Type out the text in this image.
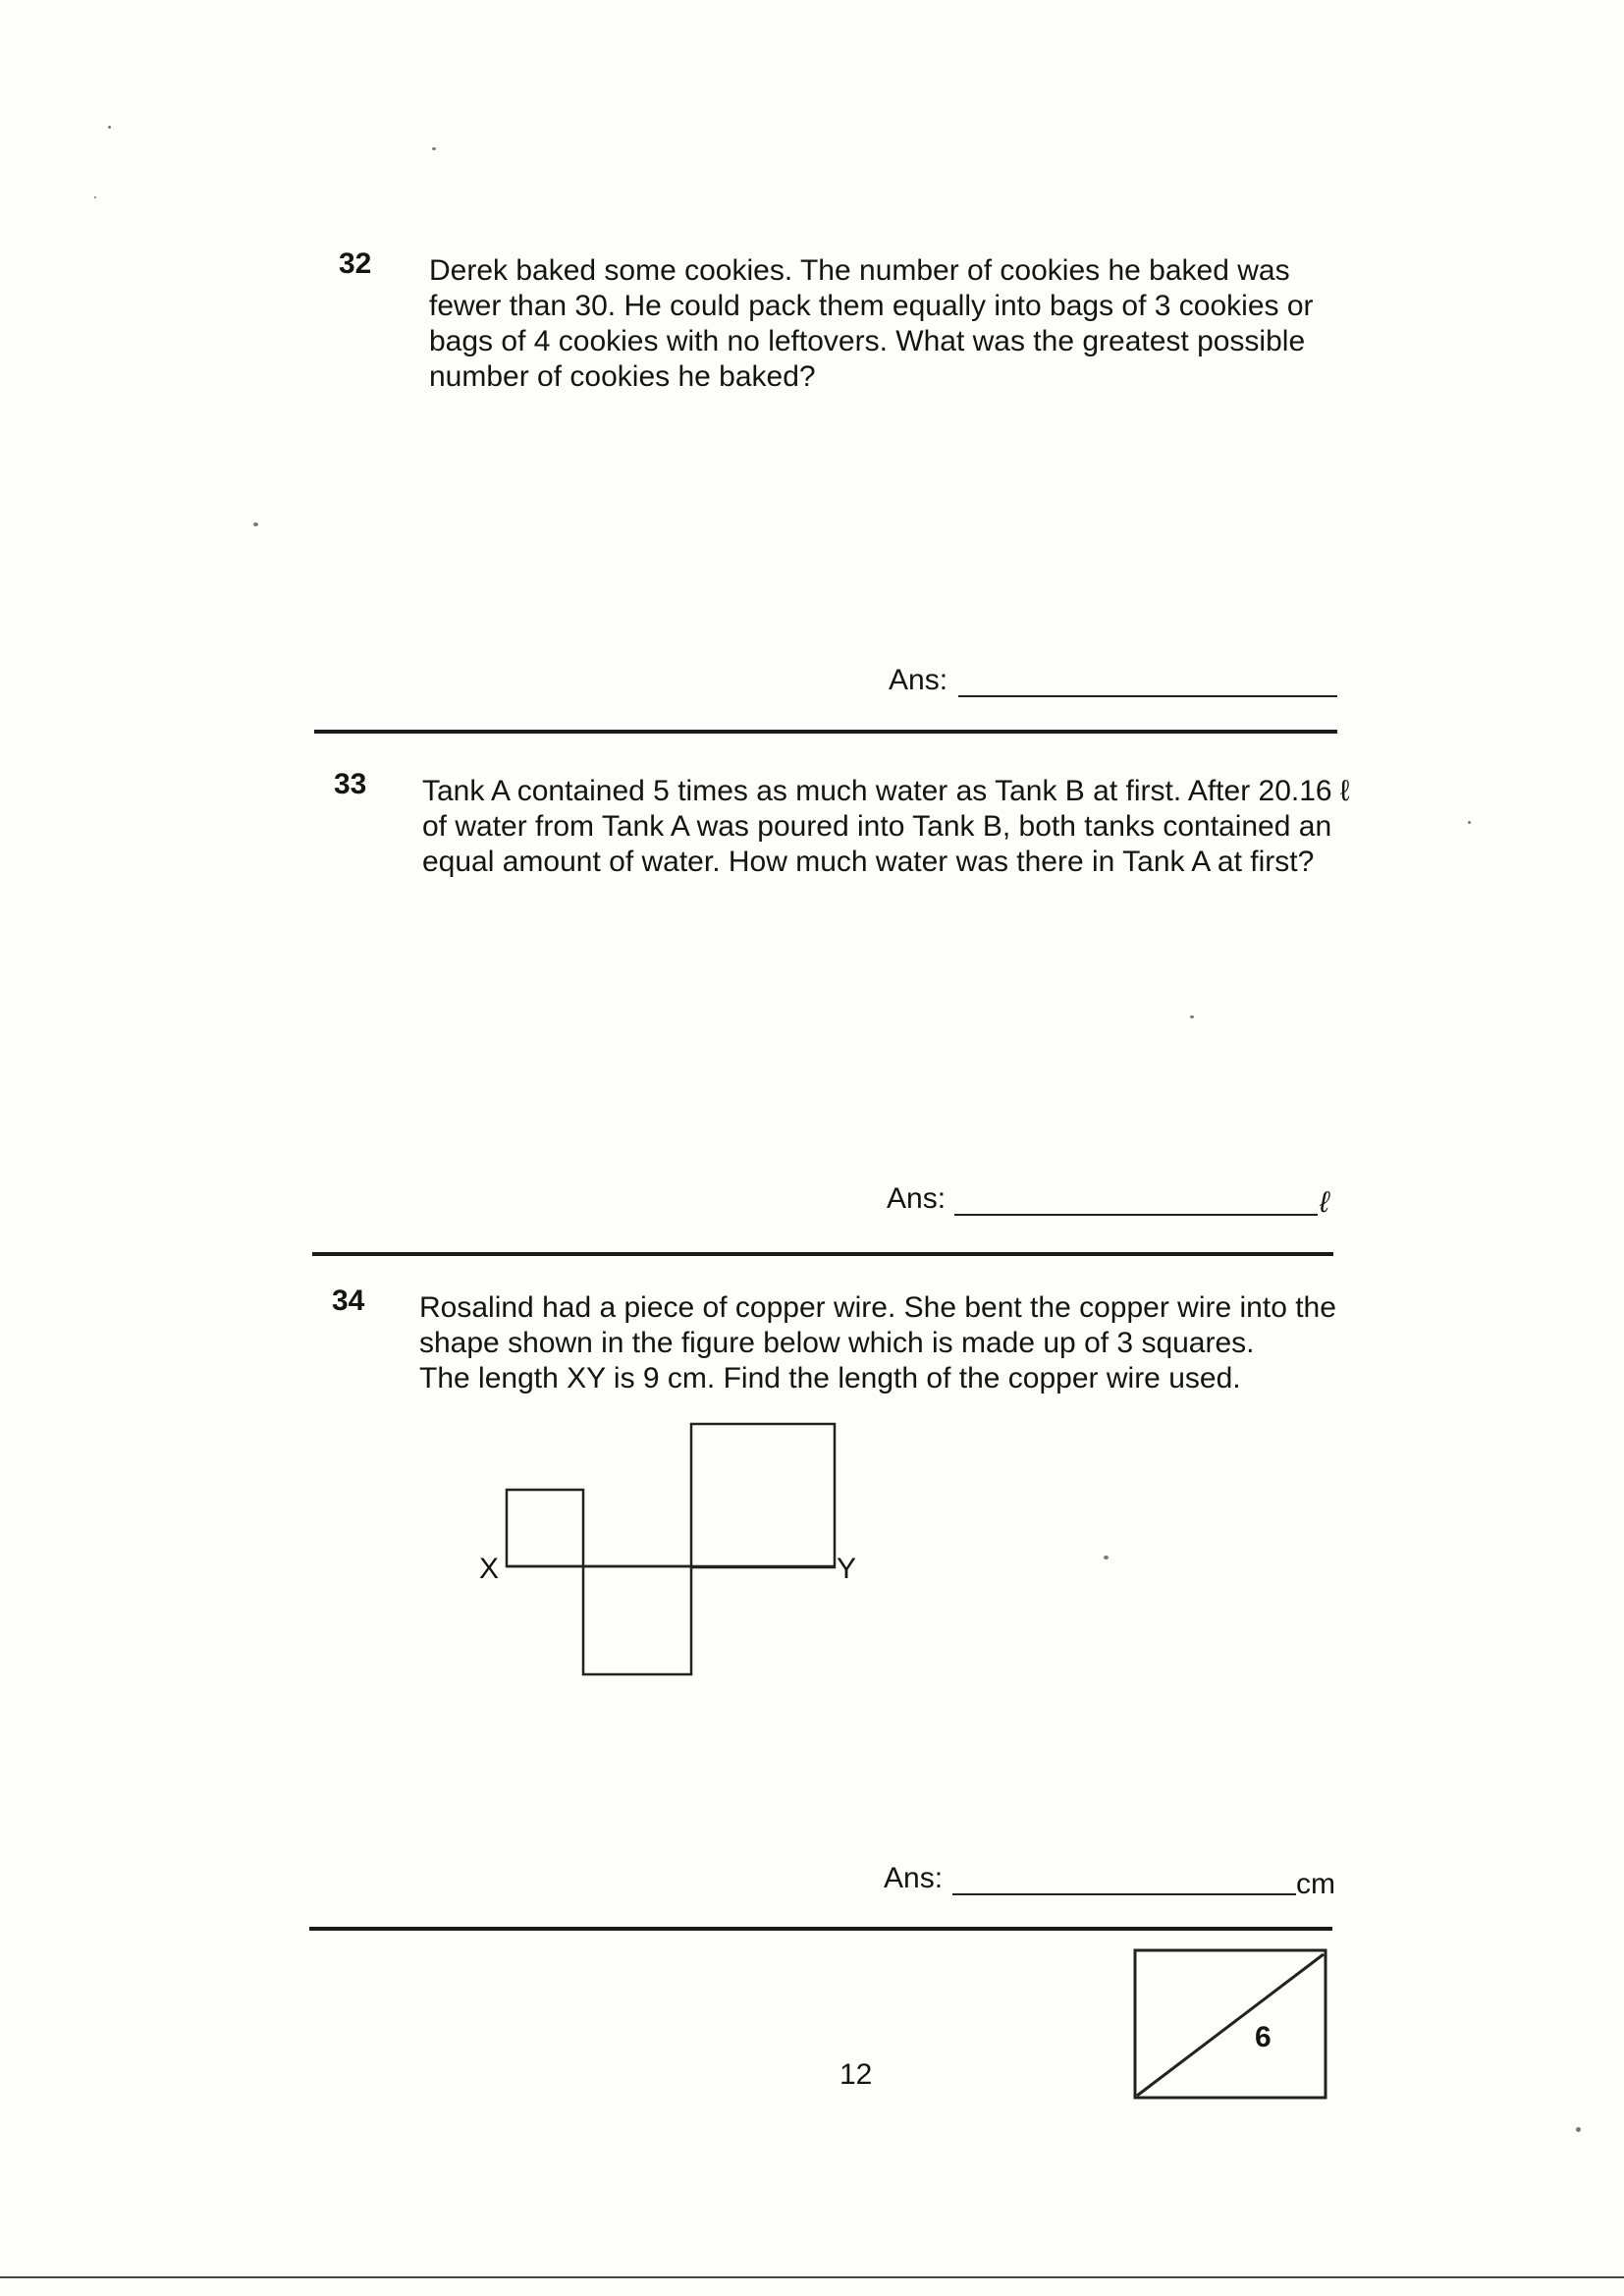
32 Derek baked some cookies. The number of cookies he baked was
fewer than 30. He could pack them equally into bags of 3 cookies or
bags of 4 cookies with no leftovers. What was the greatest possible
number of cookies he baked?
Ans:
33 Tank A contained 5 times as much water as Tank B at first. After 20.16 ℓ
of water from Tank A was poured into Tank B, both tanks contained an
equal amount of water. How much water was there in Tank A at first?
Ans:	ℓ
34 Rosalind had a piece of copper wire. She bent the copper wire into the
shape shown in the figure below which is made up of 3 squares.
The length XY is 9 cm. Find the length of the copper wire used.
X	Y
Ans:	cm
6
12
